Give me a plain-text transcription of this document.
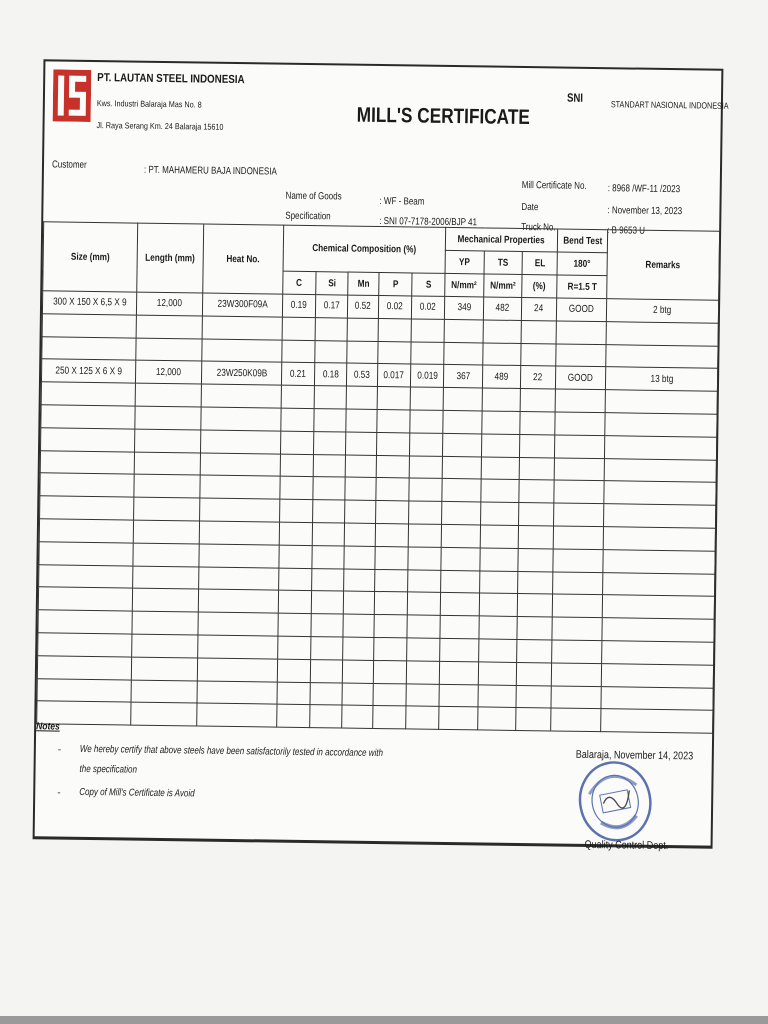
PT. LAUTAN STEEL INDONESIA
Kws. Industri Balaraja Mas No. 8
Jl. Raya Serang Km. 24 Balaraja 15610	MILL'S CERTIFICATE
SNI
STANDART NASIONAL INDONESIA
Customer	: PT. MAHAMERU BAJA INDONESIA
Name of Goods	: WF - Beam
Specification	: SNI 07-7178-2006/BJP 41
Mill Certificate No. : 8968 /WF-11 /2023
Date	: November 13, 2023
Truck No.	: B 9653 U
Size (mm)	Length (mm)	Heat No.	Chemical Composition (%)					Mechanical Properties			Bend Test	Remarks
								YP	TS	EL	180°	
			C	Si	Mn	P	S	N/mm²	N/mm²	(%)	R=1.5 T	
300 X 150 X 6,5 X 9	12,000	23W300F09A	0.19	0.17	0.52	0.02	0.02	349	482	24	GOOD	2 btg

250 X 125 X 6 X 9	12,000	23W250K09B	0.21	0.18	0.53	0.017	0.019	367	489	22	GOOD	13 btg

Notes
- We hereby certify that above steels have been satisfactorily tested in accordance with
the specification
- Copy of Mill's Certificate is Avoid
Balaraja, November 14, 2023
Quality Control Dept.
